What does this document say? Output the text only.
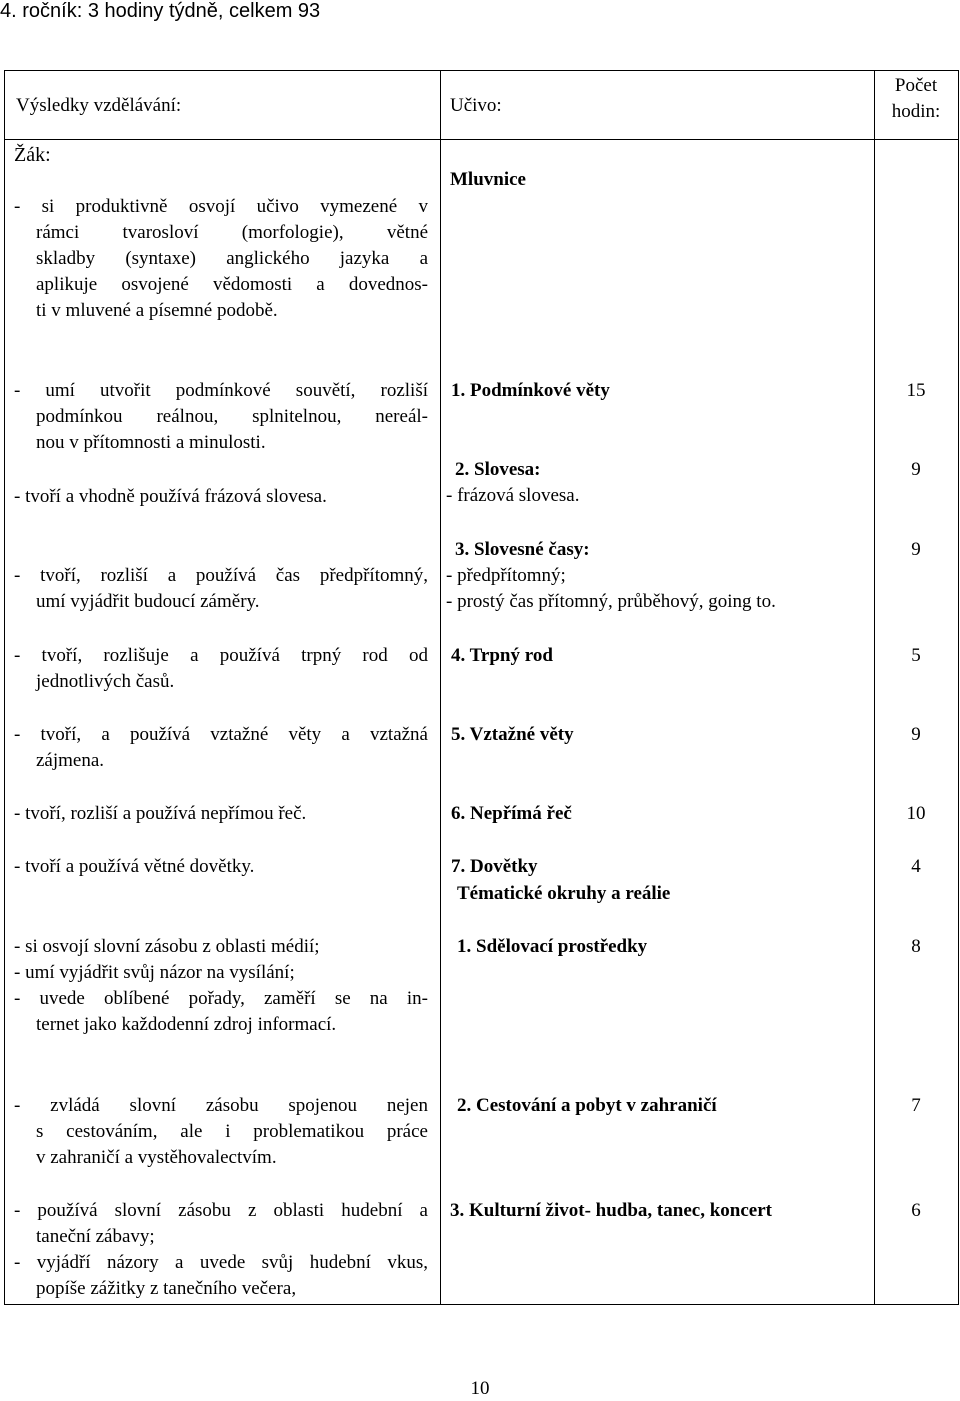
4. ročník: 3 hodiny týdně, celkem 93
Výsledky vzdělávání:	Učivo:
Počet
hodin:
Žák:
- si produktivně osvojí učivo vymezené v
rámci tvarosloví (morfologie), větné
skladby (syntaxe) anglického jazyka a
aplikuje osvojené vědomosti a dovednos-
ti v mluvené a písemné podobě.
Mluvnice
- umí utvořit podmínkové souvětí, rozliší
podmínkou reálnou, splnitelnou, nereál-
nou v přítomnosti a minulosti.
- tvoří a vhodně používá frázová slovesa.
- tvoří, rozliší a používá čas předpřítomný,
umí vyjádřit budoucí záměry.
- tvoří, rozlišuje a používá trpný rod od
jednotlivých časů.
- tvoří, a používá vztažné věty a vztažná
zájmena.
- tvoří, rozliší a používá nepřímou řeč.
- tvoří a používá větné dovětky.
- si osvojí slovní zásobu z oblasti médií;
- umí vyjádřit svůj názor na vysílání;
- uvede oblíbené pořady, zaměří se na in-
ternet jako každodenní zdroj informací.
- zvládá slovní zásobu spojenou nejen
s cestováním, ale i problematikou práce
v zahraničí a vystěhovalectvím.
- používá slovní zásobu z oblasti hudební a
taneční zábavy;
- vyjádří názory a uvede svůj hudební vkus,
popíše zážitky z tanečního večera,
1. Podmínkové věty
2. Slovesa:
- frázová slovesa.
3. Slovesné časy:
- předpřítomný;
- prostý čas přítomný, průběhový, going to.
4. Trpný rod
5. Vztažné věty
6. Nepřímá řeč
7. Dovětky
Tématické okruhy a reálie
1. Sdělovací prostředky
2. Cestování a pobyt v zahraničí
3. Kulturní život- hudba, tanec, koncert
15
9
9
5
9
10
4
8
7
6
10
